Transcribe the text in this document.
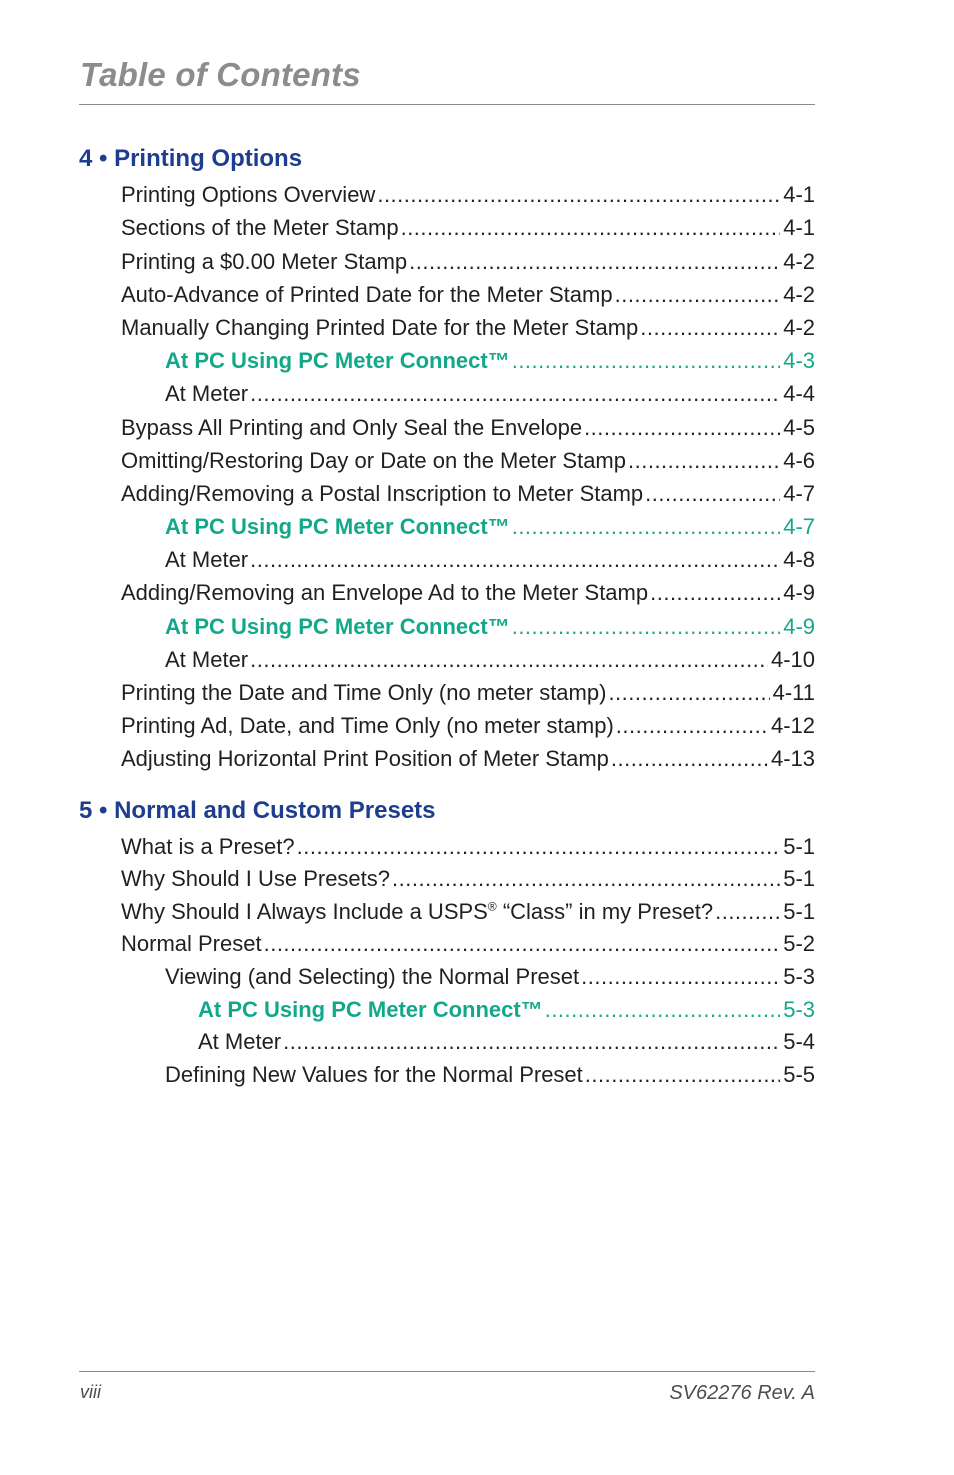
Table of Contents
4 • Printing Options
Printing Options Overview .....	4-1
Sections of the Meter Stamp .....	4-1
Printing a $0.00 Meter Stamp .....	4-2
Auto-Advance of Printed Date for the Meter Stamp .....	4-2
Manually Changing Printed Date for the Meter Stamp .....	4-2
At PC Using PC Meter Connect™ .....	4-3
At Meter .....	4-4
Bypass All Printing and Only Seal the Envelope .....	4-5
Omitting/Restoring Day or Date on the Meter Stamp .....	4-6
Adding/Removing a Postal Inscription to Meter Stamp .....	4-7
At PC Using PC Meter Connect™ .....	4-7
At Meter .....	4-8
Adding/Removing an Envelope Ad to the Meter Stamp .....	4-9
At PC Using PC Meter Connect™ .....	4-9
At Meter .....	4-10
Printing the Date and Time Only (no meter stamp) .....	4-11
Printing Ad, Date, and Time Only (no meter stamp) .....	4-12
Adjusting Horizontal Print Position of Meter Stamp .....	4-13
5 • Normal and Custom Presets
What is a Preset? .....	5-1
Why Should I Use Presets? .....	5-1
Why Should I Always Include a USPS® “Class” in my Preset? .....	5-1
Normal Preset .....	5-2
Viewing (and Selecting) the Normal Preset .....	5-3
At PC Using PC Meter Connect™ .....	5-3
At Meter .....	5-4
Defining New Values for the Normal Preset .....	5-5
viii	SV62276 Rev. A
